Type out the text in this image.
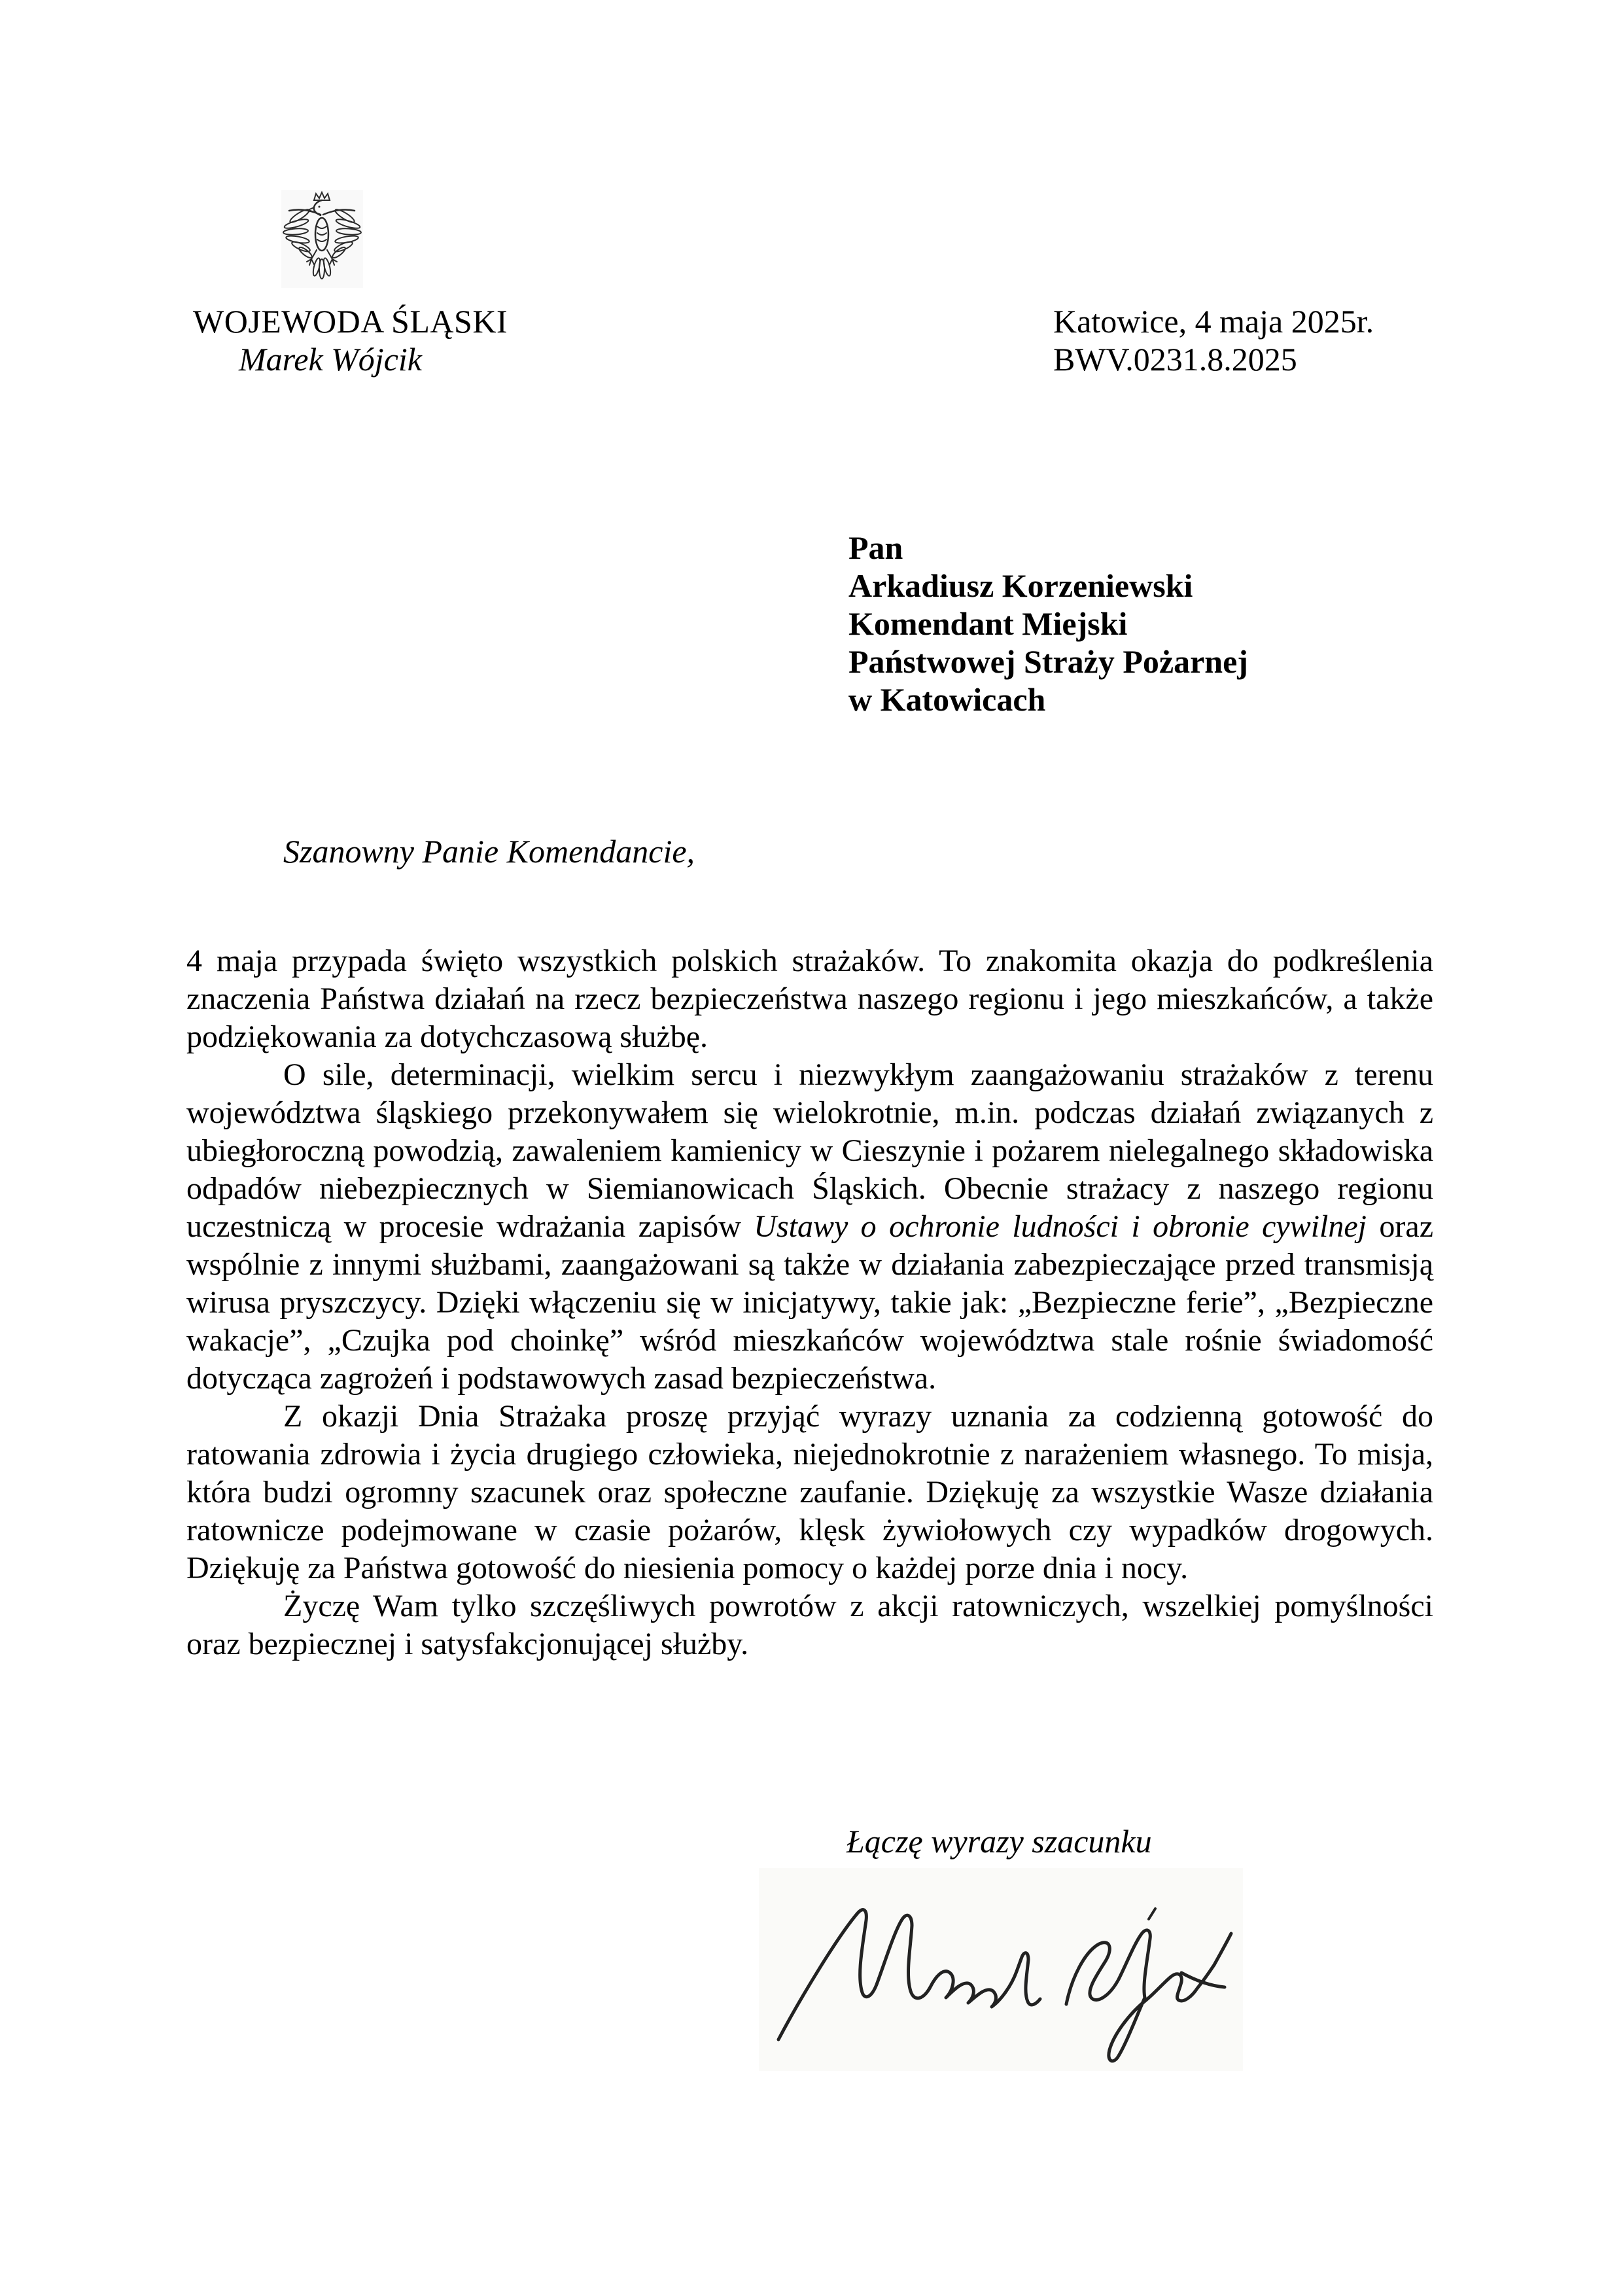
WOJEWODA ŚLĄSKI
Marek Wójcik
Katowice, 4 maja 2025r.
BWV.0231.8.2025
Pan
Arkadiusz Korzeniewski
Komendant Miejski
Państwowej Straży Pożarnej
w Katowicach
Szanowny Panie Komendancie,

4 maja przypada święto wszystkich polskich strażaków. To znakomita okazja do podkreślenia znaczenia Państwa działań na rzecz bezpieczeństwa naszego regionu i jego mieszkańców, a także podziękowania za dotychczasową służbę.

O sile, determinacji, wielkim sercu i niezwykłym zaangażowaniu strażaków z terenu województwa śląskiego przekonywałem się wielokrotnie, m.in. podczas działań związanych z ubiegłoroczną powodzią, zawaleniem kamienicy w Cieszynie i pożarem nielegalnego składowiska odpadów niebezpiecznych w Siemianowicach Śląskich. Obecnie strażacy z naszego regionu uczestniczą w procesie wdrażania zapisów Ustawy o ochronie ludności i obronie cywilnej oraz wspólnie z innymi służbami, zaangażowani są także w działania zabezpieczające przed transmisją wirusa pryszczycy. Dzięki włączeniu się w inicjatywy, takie jak: „Bezpieczne ferie”, „Bezpieczne wakacje”, „Czujka pod choinkę” wśród mieszkańców województwa stale rośnie świadomość dotycząca zagrożeń i podstawowych zasad bezpieczeństwa.

Z okazji Dnia Strażaka proszę przyjąć wyrazy uznania za codzienną gotowość do ratowania zdrowia i życia drugiego człowieka, niejednokrotnie z narażeniem własnego. To misja, która budzi ogromny szacunek oraz społeczne zaufanie. Dziękuję za wszystkie Wasze działania ratownicze podejmowane w czasie pożarów, klęsk żywiołowych czy wypadków drogowych. Dziękuję za Państwa gotowość do niesienia pomocy o każdej porze dnia i nocy.

Życzę Wam tylko szczęśliwych powrotów z akcji ratowniczych, wszelkiej pomyślności oraz bezpiecznej i satysfakcjonującej służby.

Łączę wyrazy szacunku
